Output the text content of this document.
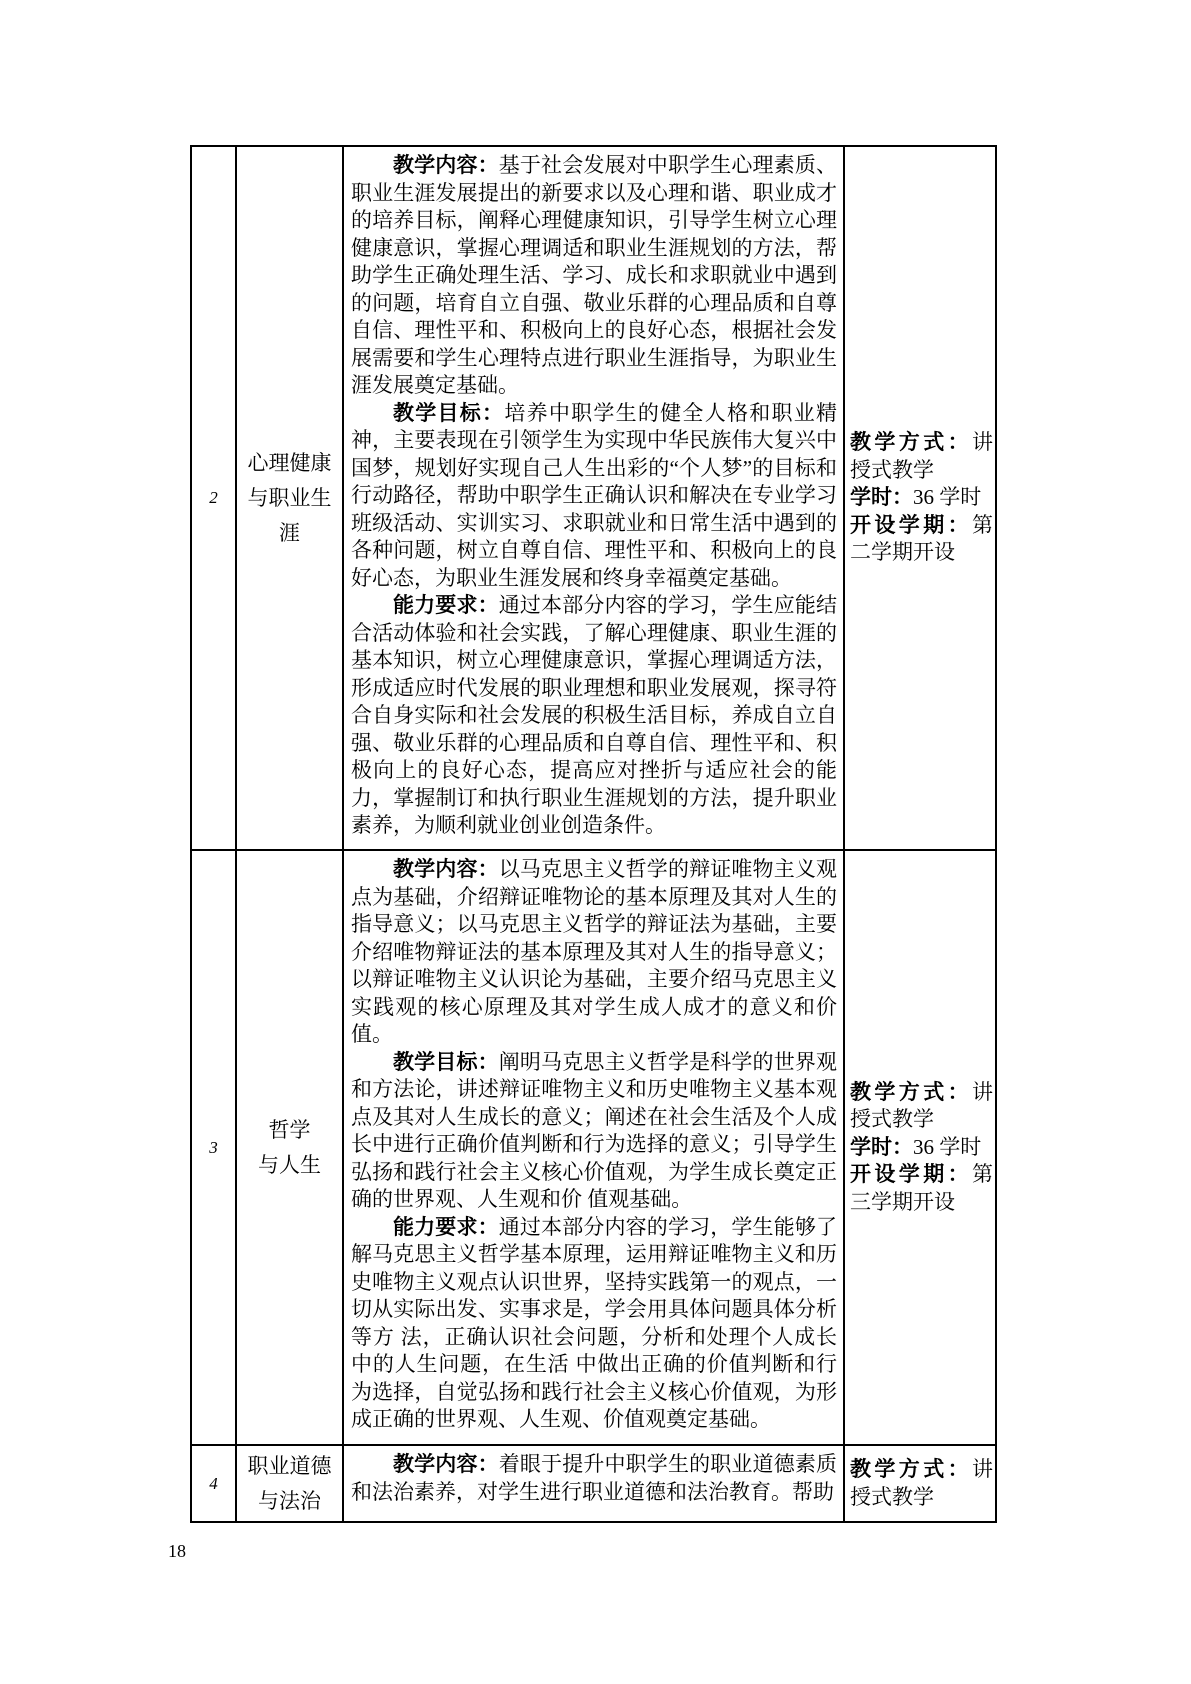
2
心理健康
与职业生
涯

教学内容：基于社会发展对中职学生心理素质、职业生涯发展提出的新要求以及心理和谐、职业成才的培养目标，阐释心理健康知识，引导学生树立心理健康意识，掌握心理调适和职业生涯规划的方法，帮助学生正确处理生活、学习、成长和求职就业中遇到的问题，培育自立自强、敬业乐群的心理品质和自尊自信、理性平和、积极向上的良好心态，根据社会发展需要和学生心理特点进行职业生涯指导，为职业生涯发展奠定基础。

教学目标：培养中职学生的健全人格和职业精神，主要表现在引领学生为实现中华民族伟大复兴中国梦，规划好实现自己人生出彩的“个人梦”的目标和行动路径，帮助中职学生正确认识和解决在专业学习班级活动、实训实习、求职就业和日常生活中遇到的各种问题，树立自尊自信、理性平和、积极向上的良好心态，为职业生涯发展和终身幸福奠定基础。

能力要求：通过本部分内容的学习，学生应能结合活动体验和社会实践，了解心理健康、职业生涯的基本知识，树立心理健康意识，掌握心理调适方法，形成适应时代发展的职业理想和职业发展观，探寻符合自身实际和社会发展的积极生活目标，养成自立自强、敬业乐群的心理品质和自尊自信、理性平和、积极向上的良好心态，提高应对挫折与适应社会的能力，掌握制订和执行职业生涯规划的方法，提升职业素养，为顺利就业创业创造条件。

教学方式：讲授式教学

学时：36 学时

开设学期：第二学期开设

3
哲学
与人生

教学内容：以马克思主义哲学的辩证唯物主义观点为基础，介绍辩证唯物论的基本原理及其对人生的指导意义；以马克思主义哲学的辩证法为基础，主要介绍唯物辩证法的基本原理及其对人生的指导意义；以辩证唯物主义认识论为基础，主要介绍马克思主义实践观的核心原理及其对学生成人成才的意义和价值。

教学目标：阐明马克思主义哲学是科学的世界观和方法论，讲述辩证唯物主义和历史唯物主义基本观点及其对人生成长的意义；阐述在社会生活及个人成长中进行正确价值判断和行为选择的意义；引导学生弘扬和践行社会主义核心价值观，为学生成长奠定正确的世界观、人生观和价 值观基础。

能力要求：通过本部分内容的学习，学生能够了解马克思主义哲学基本原理，运用辩证唯物主义和历史唯物主义观点认识世界，坚持实践第一的观点，一切从实际出发、实事求是，学会用具体问题具体分析等方 法，正确认识社会问题，分析和处理个人成长中的人生问题，在生活 中做出正确的价值判断和行为选择，自觉弘扬和践行社会主义核心价值观，为形成正确的世界观、人生观、价值观奠定基础。

教学方式：讲授式教学

学时：36 学时

开设学期：第三学期开设

4
职业道德
与法治

教学内容：着眼于提升中职学生的职业道德素质和法治素养，对学生进行职业道德和法治教育。帮助

教学方式：讲授式教学

18
